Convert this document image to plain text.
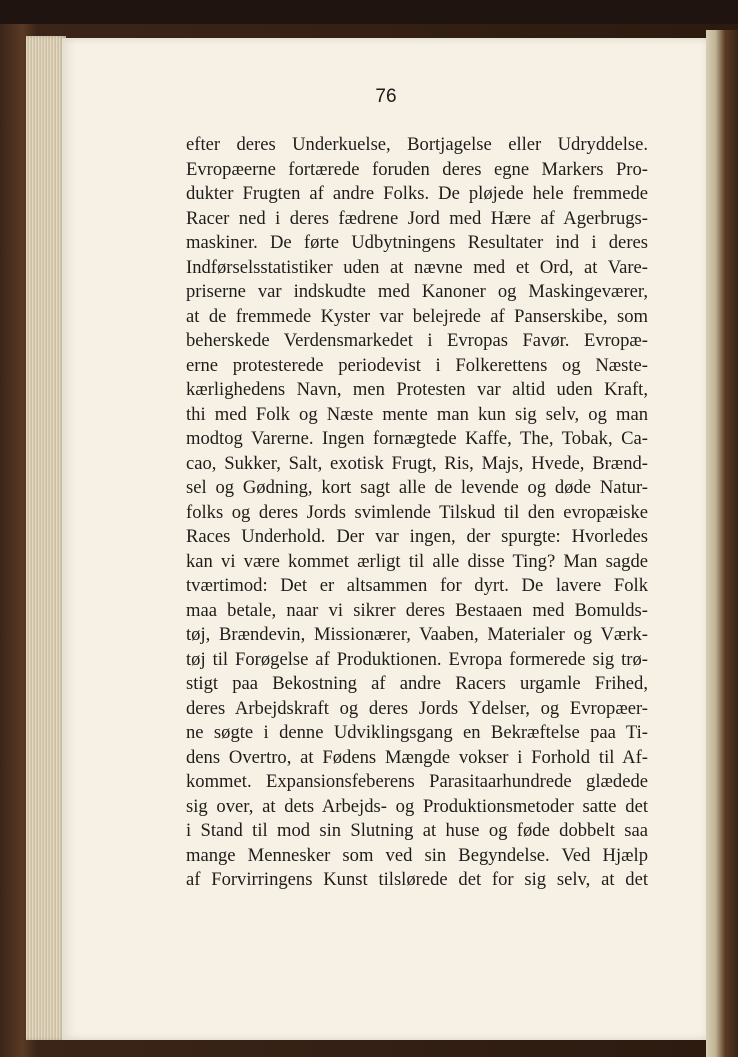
76
efter deres Underkuelse, Bortjagelse eller Udryddelse.
Evropæerne fortærede foruden deres egne Markers Pro-
dukter Frugten af andre Folks. De pløjede hele fremmede
Racer ned i deres fædrene Jord med Hære af Agerbrugs-
maskiner. De førte Udbytningens Resultater ind i deres
Indførselsstatistiker uden at nævne med et Ord, at Vare-
priserne var indskudte med Kanoner og Maskingeværer,
at de fremmede Kyster var belejrede af Panserskibe, som
beherskede Verdensmarkedet i Evropas Favør. Evropæ-
erne protesterede periodevist i Folkerettens og Næste-
kærlighedens Navn, men Protesten var altid uden Kraft,
thi med Folk og Næste mente man kun sig selv, og man
modtog Varerne. Ingen fornægtede Kaffe, The, Tobak, Ca-
cao, Sukker, Salt, exotisk Frugt, Ris, Majs, Hvede, Brænd-
sel og Gødning, kort sagt alle de levende og døde Natur-
folks og deres Jords svimlende Tilskud til den evropæiske
Races Underhold. Der var ingen, der spurgte: Hvorledes
kan vi være kommet ærligt til alle disse Ting? Man sagde
tværtimod: Det er altsammen for dyrt. De lavere Folk
maa betale, naar vi sikrer deres Bestaaen med Bomulds-
tøj, Brændevin, Missionærer, Vaaben, Materialer og Værk-
tøj til Forøgelse af Produktionen. Evropa formerede sig trø-
stigt paa Bekostning af andre Racers urgamle Frihed,
deres Arbejdskraft og deres Jords Ydelser, og Evropæer-
ne søgte i denne Udviklingsgang en Bekræftelse paa Ti-
dens Overtro, at Fødens Mængde vokser i Forhold til Af-
kommet. Expansionsfeberens Parasitaarhundrede glædede
sig over, at dets Arbejds- og Produktionsmetoder satte det
i Stand til mod sin Slutning at huse og føde dobbelt saa
mange Mennesker som ved sin Begyndelse. Ved Hjælp
af Forvirringens Kunst tilslørede det for sig selv, at det
